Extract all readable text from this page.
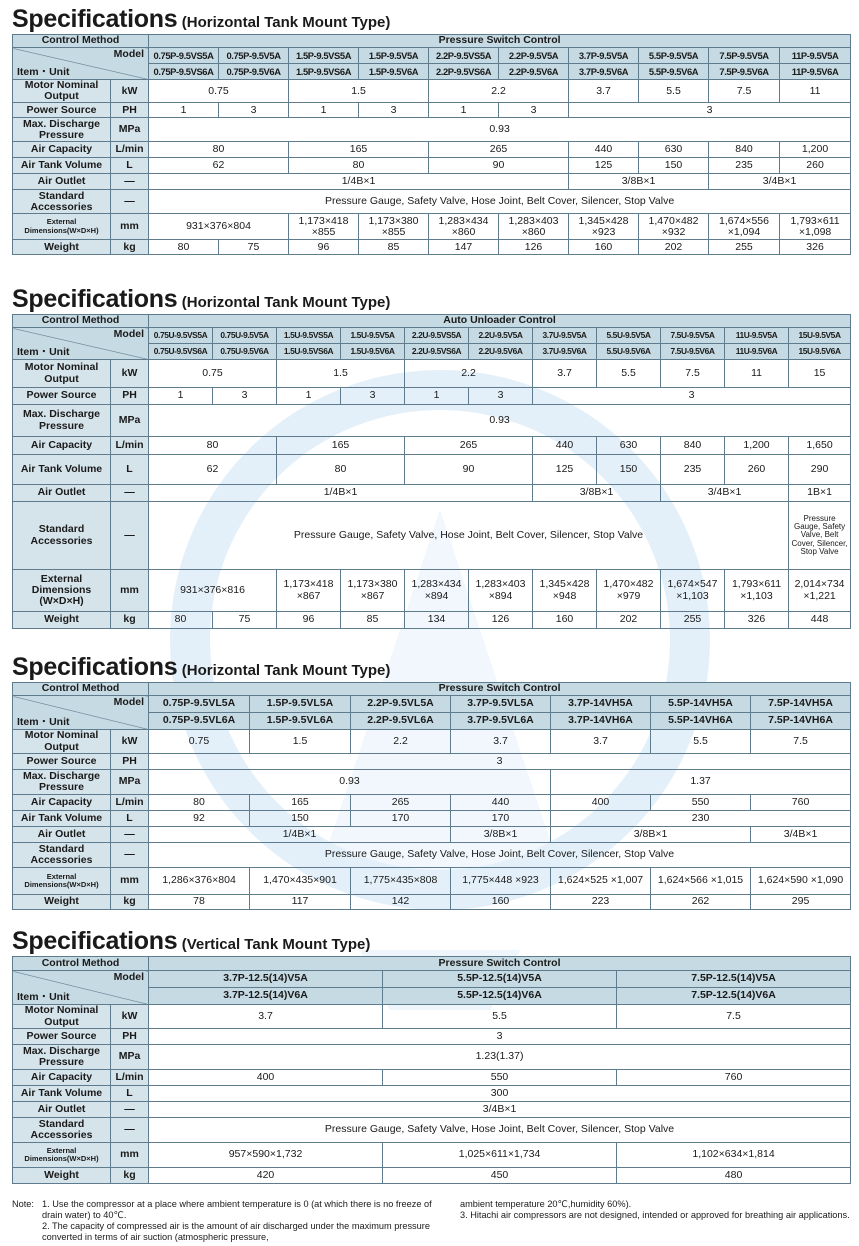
Specifications (Horizontal Tank Mount Type)
Control Method		Pressure Switch Control									

Model
Item・Unit		0.75P-9.5VS5A	0.75P-9.5V5A	1.5P-9.5VS5A	1.5P-9.5V5A	2.2P-9.5VS5A	2.2P-9.5V5A	3.7P-9.5V5A	5.5P-9.5V5A	7.5P-9.5V5A	11P-9.5V5A
		0.75P-9.5VS6A	0.75P-9.5V6A	1.5P-9.5VS6A	1.5P-9.5V6A	2.2P-9.5VS6A	2.2P-9.5V6A	3.7P-9.5V6A	5.5P-9.5V6A	7.5P-9.5V6A	11P-9.5V6A
Motor Nominal Output	kW	0.75		1.5		2.2		3.7	5.5	7.5	11
Power Source	PH	1	3	1	3	1	3	3			
Max. Discharge Pressure	MPa	0.93									
Air Capacity	L/min	80		165		265		440	630	840	1,200
Air Tank Volume	L	62		80		90		125	150	235	260
Air Outlet	—	1/4B×1						3/8B×1		3/4B×1	
Standard Accessories	—	Pressure Gauge, Safety Valve, Hose Joint, Belt Cover, Silencer, Stop Valve									
External Dimensions(W×D×H)	mm	931×376×804		1,173×418 ×855	1,173×380 ×855	1,283×434 ×860	1,283×403 ×860	1,345×428 ×923	1,470×482 ×932	1,674×556 ×1,094	1,793×611 ×1,098
Weight	kg	80	75	96	85	147	126	160	202	255	326
Specifications (Horizontal Tank Mount Type)
Control Method		Auto Unloader Control										

Model
Item・Unit		0.75U-9.5VS5A	0.75U-9.5V5A	1.5U-9.5VS5A	1.5U-9.5V5A	2.2U-9.5VS5A	2.2U-9.5V5A	3.7U-9.5V5A	5.5U-9.5V5A	7.5U-9.5V5A	11U-9.5V5A	15U-9.5V5A
		0.75U-9.5VS6A	0.75U-9.5V6A	1.5U-9.5VS6A	1.5U-9.5V6A	2.2U-9.5VS6A	2.2U-9.5V6A	3.7U-9.5V6A	5.5U-9.5V6A	7.5U-9.5V6A	11U-9.5V6A	15U-9.5V6A
Motor Nominal Output	kW	0.75		1.5		2.2		3.7	5.5	7.5	11	15
Power Source	PH	1	3	1	3	1	3	3				
Max. Discharge Pressure	MPa	0.93										
Air Capacity	L/min	80		165		265		440	630	840	1,200	1,650
Air Tank Volume	L	62		80		90		125	150	235	260	290
Air Outlet	—	1/4B×1						3/8B×1		3/4B×1		1B×1
Standard Accessories	—	Pressure Gauge, Safety Valve, Hose Joint, Belt Cover, Silencer, Stop Valve										Pressure Gauge, Safety Valve, Belt Cover, Silencer, Stop Valve
External Dimensions (W×D×H)	mm	931×376×816		1,173×418 ×867	1,173×380 ×867	1,283×434 ×894	1,283×403 ×894	1,345×428 ×948	1,470×482 ×979	1,674×547 ×1,103	1,793×611 ×1,103	2,014×734 ×1,221
Weight	kg	80	75	96	85	134	126	160	202	255	326	448
Specifications (Horizontal Tank Mount Type)
Control Method		Pressure Switch Control						

Model
Item・Unit		0.75P-9.5VL5A	1.5P-9.5VL5A	2.2P-9.5VL5A	3.7P-9.5VL5A	3.7P-14VH5A	5.5P-14VH5A	7.5P-14VH5A
		0.75P-9.5VL6A	1.5P-9.5VL6A	2.2P-9.5VL6A	3.7P-9.5VL6A	3.7P-14VH6A	5.5P-14VH6A	7.5P-14VH6A
Motor Nominal Output	kW	0.75	1.5	2.2	3.7	3.7	5.5	7.5
Power Source	PH	3						
Max. Discharge Pressure	MPa	0.93				1.37		
Air Capacity	L/min	80	165	265	440	400	550	760
Air Tank Volume	L	92	150	170	170	230		
Air Outlet	—	1/4B×1			3/8B×1	3/8B×1		3/4B×1
Standard Accessories	—	Pressure Gauge, Safety Valve, Hose Joint, Belt Cover, Silencer, Stop Valve						
External Dimensions(W×D×H)	mm	1,286×376×804	1,470×435×901	1,775×435×808	1,775×448 ×923	1,624×525 ×1,007	1,624×566 ×1,015	1,624×590 ×1,090
Weight	kg	78	117	142	160	223	262	295
Specifications (Vertical Tank Mount Type)
Control Method		Pressure Switch Control		

Model
Item・Unit		3.7P-12.5(14)V5A	5.5P-12.5(14)V5A	7.5P-12.5(14)V5A
		3.7P-12.5(14)V6A	5.5P-12.5(14)V6A	7.5P-12.5(14)V6A
Motor Nominal Output	kW	3.7	5.5	7.5
Power Source	PH	3		
Max. Discharge Pressure	MPa	1.23(1.37)		
Air Capacity	L/min	400	550	760
Air Tank Volume	L	300		
Air Outlet	—	3/4B×1		
Standard Accessories	—	Pressure Gauge, Safety Valve, Hose Joint, Belt Cover, Silencer, Stop Valve		
External Dimensions(W×D×H)	mm	957×590×1,732	1,025×611×1,734	1,102×634×1,814
Weight	kg	420	450	480
Note: 1. Use the compressor at a place where ambient temperature is 0 (at which there is no freeze of drain water) to 40℃.
2. The capacity of compressed air is the amount of air discharged under the maximum pressure converted in terms of air suction (atmospheric pressure,
ambient temperature 20℃,humidity 60%).
3. Hitachi air compressors are not designed, intended or approved for breathing air applications.
